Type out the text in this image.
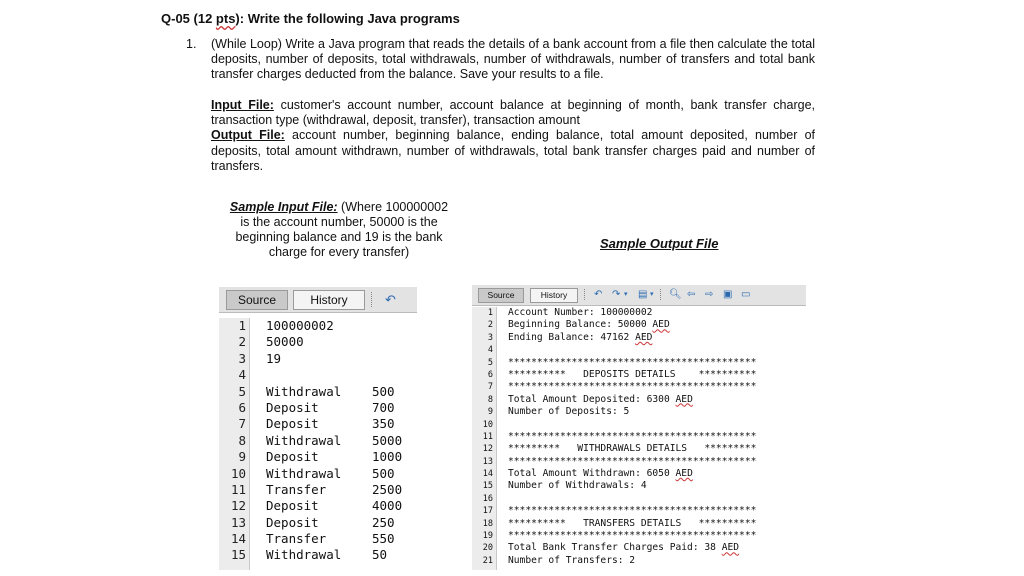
Q-05 (12 pts): Write the following Java programs
1. (While Loop) Write a Java program that reads the details of a bank account from a file then calculate the total deposits, number of deposits, total withdrawals, number of withdrawals, number of transfers and total bank transfer charges deducted from the balance. Save your results to a file.
Input File: customer's account number, account balance at beginning of month, bank transfer charge, transaction type (withdrawal, deposit, transfer), transaction amount
Output File: account number, beginning balance, ending balance, total amount deposited, number of deposits, total amount withdrawn, number of withdrawals, total bank transfer charges paid and number of transfers.
Sample Input File: (Where 100000002 is the account number, 50000 is the beginning balance and 19 is the bank charge for every transfer)
Sample Output File
Source	History	↶
1 100000002
2 50000
3 19
4
5 Withdrawal 500
6 Deposit	700
7 Deposit	350
8 Withdrawal 5000
9 Deposit	1000
10 Withdrawal 500
11 Transfer	2500
12 Deposit	4000
13 Deposit	250
14 Transfer	550
15 Withdrawal 50
Source	History	↶ ↷ ▾ ▤ ▾ 🔍︎ ⇦ ⇨ ▣ ▭
1 Account Number: 100000002
2 Beginning Balance: 50000 AED
3 Ending Balance: 47162 AED
4
5 *******************************************
6 **********   DEPOSITS DETAILS    **********
7 *******************************************
8 Total Amount Deposited: 6300 AED
9 Number of Deposits: 5
10
11 *******************************************
12 *********   WITHDRAWALS DETAILS   *********
13 *******************************************
14 Total Amount Withdrawn: 6050 AED
15 Number of Withdrawals: 4
16
17 *******************************************
18 **********   TRANSFERS DETAILS   **********
19 *******************************************
20 Total Bank Transfer Charges Paid: 38 AED
21 Number of Transfers: 2
